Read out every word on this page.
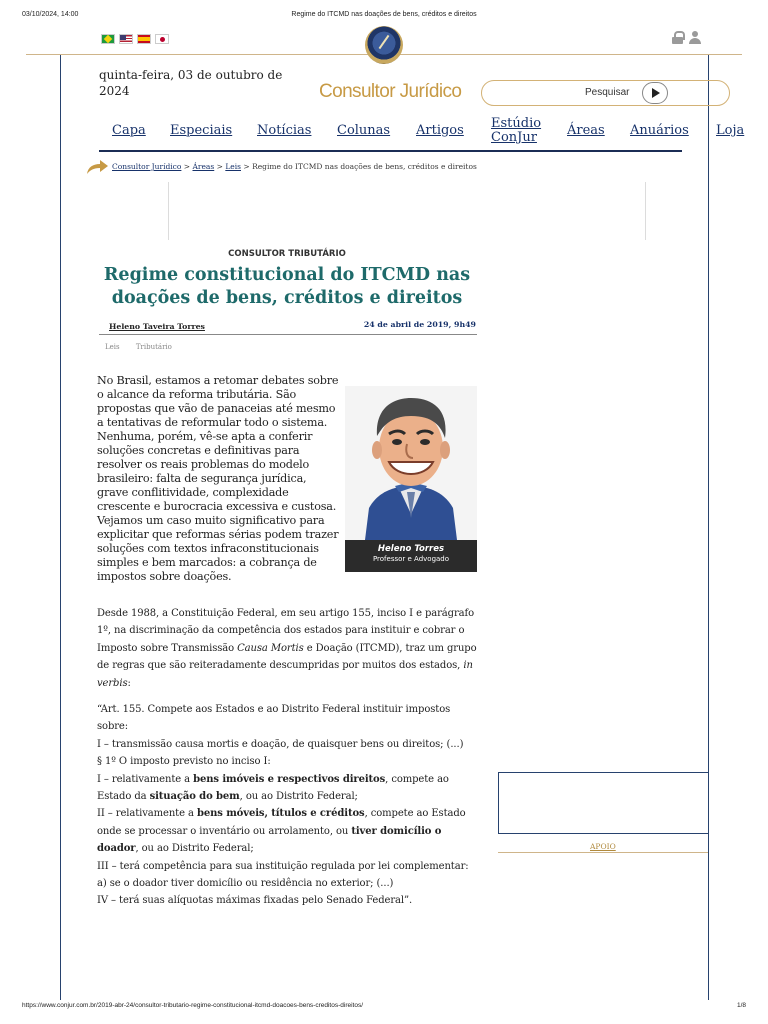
03/10/2024, 14:00	Regime do ITCMD nas doações de bens, créditos e direitos
https://www.conjur.com.br/2019-abr-24/consultor-tributario-regime-constitucional-itcmd-doacoes-bens-creditos-direitos/	1/8
quinta-feira, 03 de outubro de 2024	Consultor Jurídico	Pesquisar
Capa Especiais Notícias Colunas Artigos Estúdio ConJur	Áreas Anuários Loja
Consultor Jurídico > Áreas > Leis > Regime do ITCMD nas doações de bens, créditos e direitos
CONSULTOR TRIBUTÁRIO
Regime constitucional do ITCMD nas doações de bens, créditos e direitos
Heleno Taveira Torres	24 de abril de 2019, 9h49
Leis Tributário
Heleno Torres
Professor e Advogado

No Brasil, estamos a retomar debates sobre o alcance da reforma tributária. São propostas que vão de panaceias até mesmo a tentativas de reformular todo o sistema. Nenhuma, porém, vê-se apta a conferir soluções concretas e definitivas para resolver os reais problemas do modelo brasileiro: falta de segurança jurídica, grave conflitividade, complexidade crescente e burocracia excessiva e custosa. Vejamos um caso muito significativo para explicitar que reformas sérias podem trazer soluções com textos infraconstitucionais simples e bem marcados: a cobrança de impostos sobre doações.

Desde 1988, a Constituição Federal, em seu artigo 155, inciso I e parágrafo 1º, na discriminação da competência dos estados para instituir e cobrar o Imposto sobre Transmissão Causa Mortis e Doação (ITCMD), traz um grupo de regras que são reiteradamente descumpridas por muitos dos estados, in verbis:

“Art. 155. Compete aos Estados e ao Distrito Federal instituir impostos sobre:
I – transmissão causa mortis e doação, de quaisquer bens ou direitos; (...)
§ 1º O imposto previsto no inciso I:
I – relativamente a bens imóveis e respectivos direitos, compete ao Estado da situação do bem, ou ao Distrito Federal;
II – relativamente a bens móveis, títulos e créditos, compete ao Estado onde se processar o inventário ou arrolamento, ou tiver domicílio o doador, ou ao Distrito Federal;
III – terá competência para sua instituição regulada por lei complementar:
a) se o doador tiver domicílio ou residência no exterior; (...)
IV – terá suas alíquotas máximas fixadas pelo Senado Federal”.
APOIO
